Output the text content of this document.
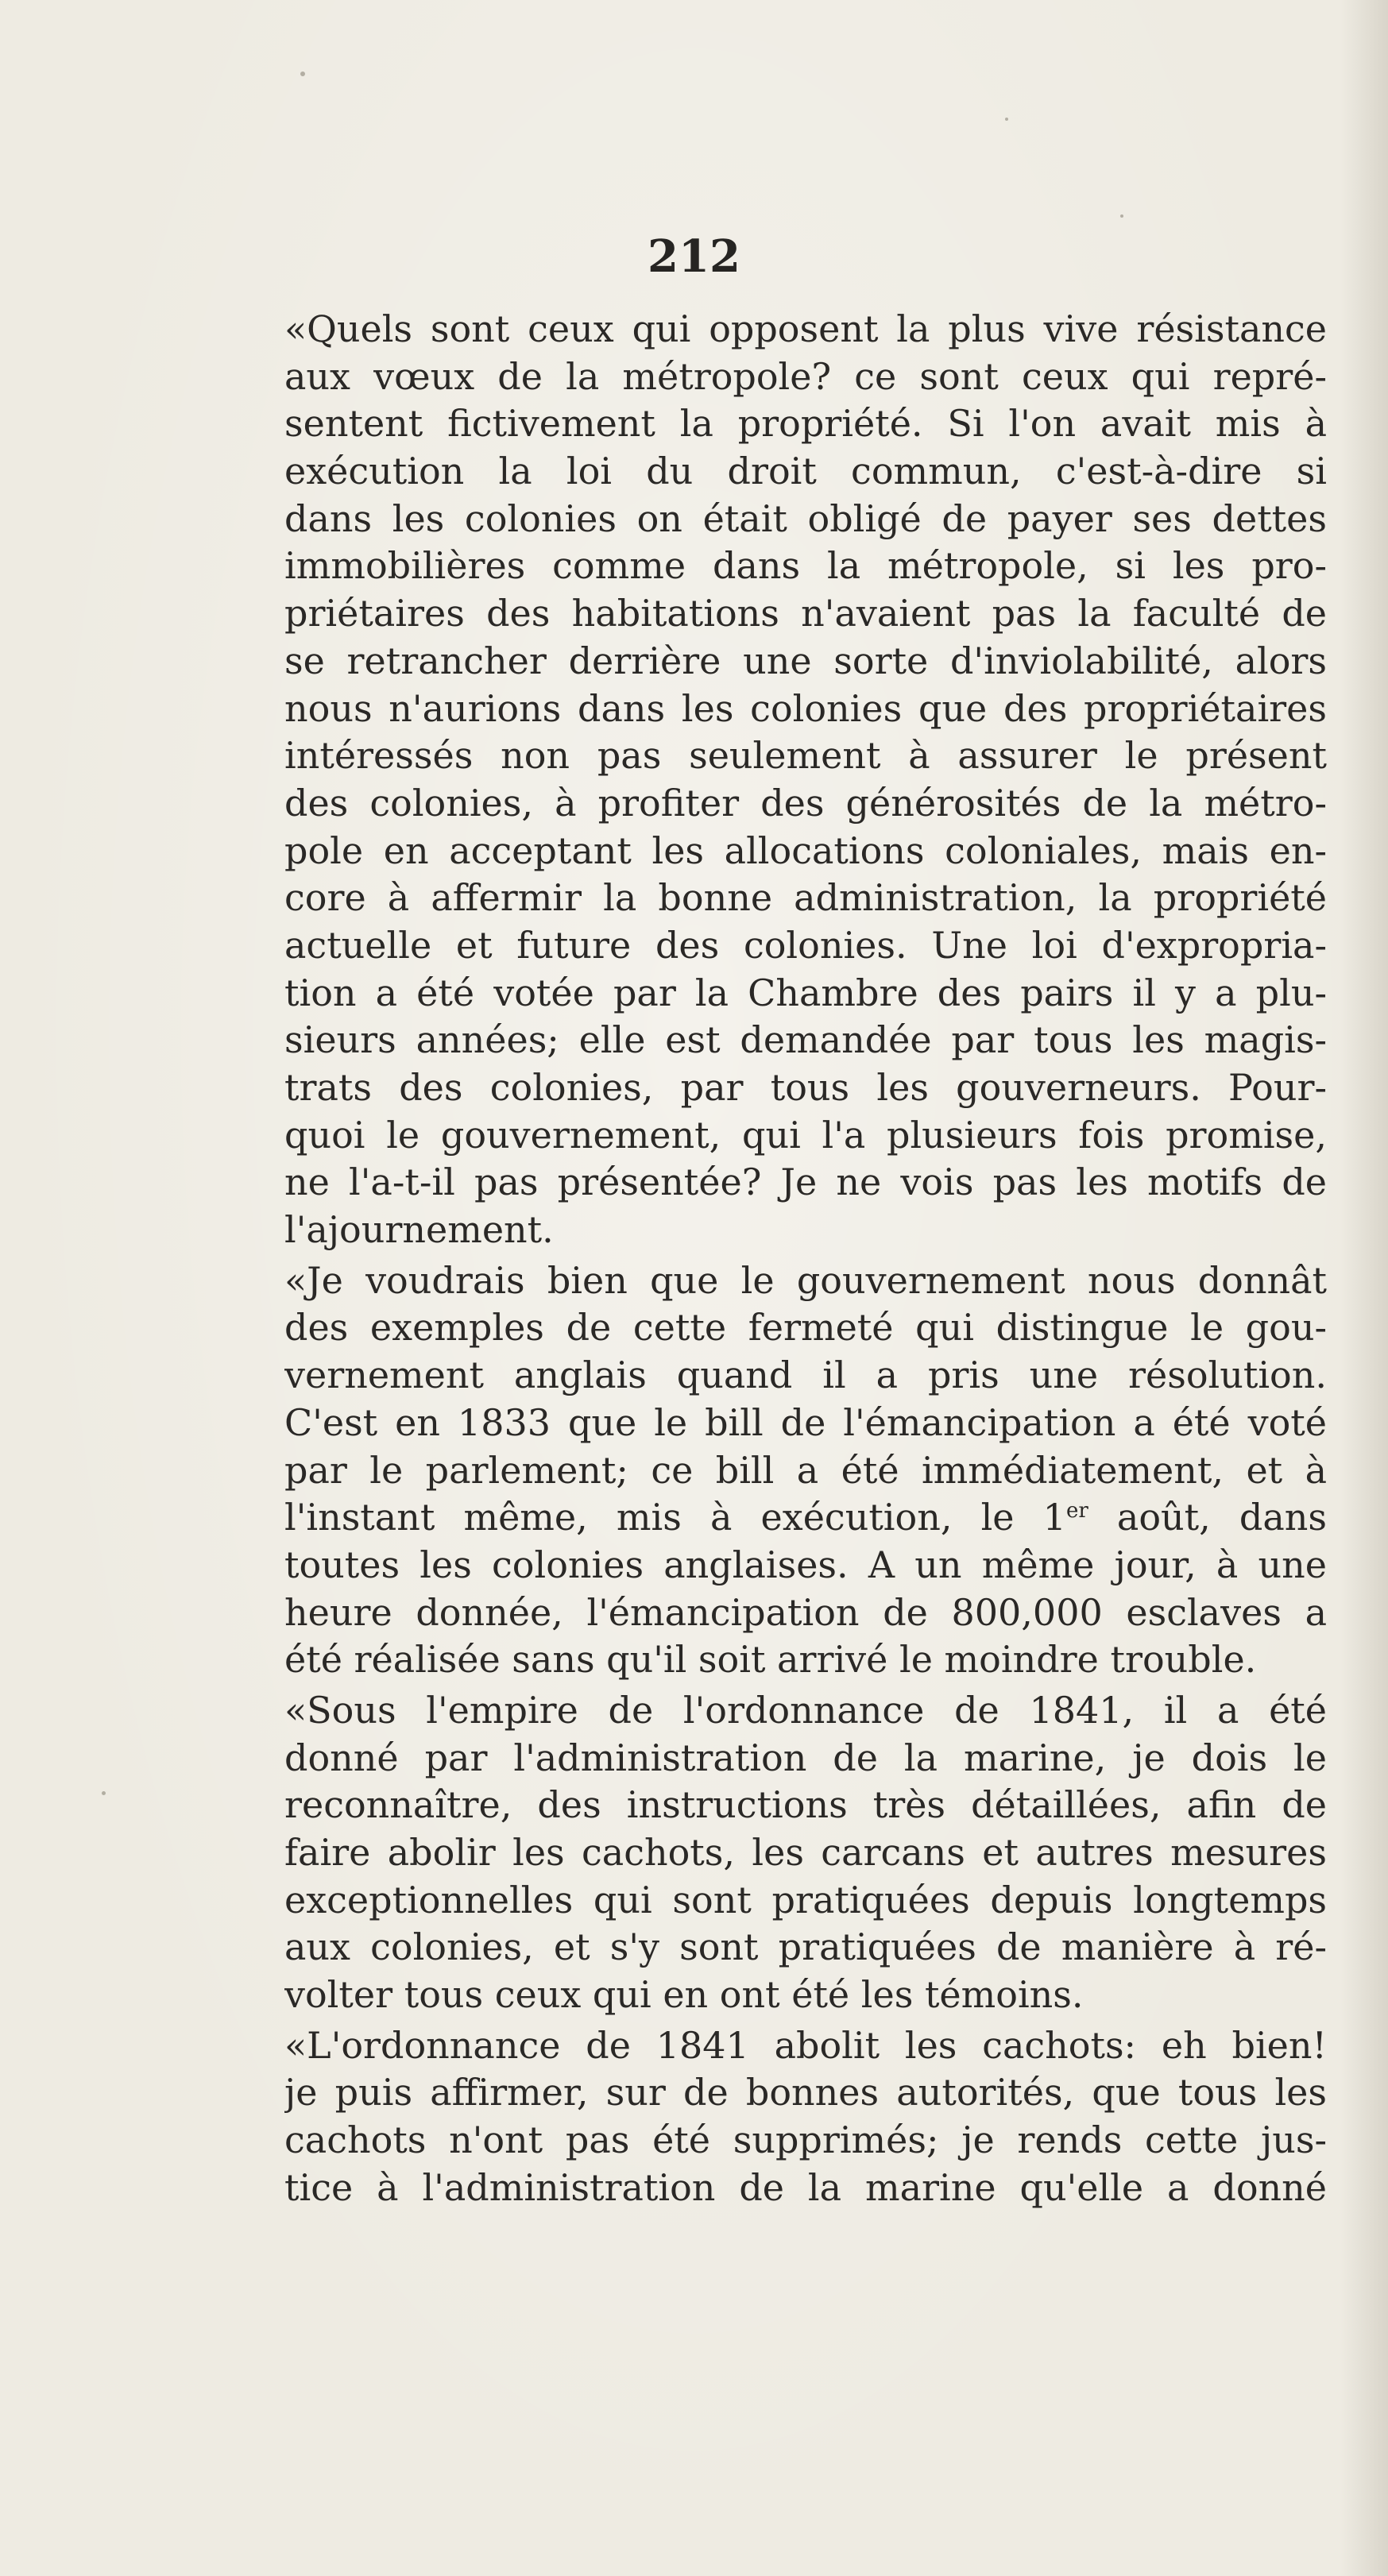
212
«Quels sont ceux qui opposent la plus vive résistance
aux vœux de la métropole? ce sont ceux qui repré-
sentent fictivement la propriété. Si l'on avait mis à
exécution la loi du droit commun, c'est-à-dire si
dans les colonies on était obligé de payer ses dettes
immobilières comme dans la métropole, si les pro-
priétaires des habitations n'avaient pas la faculté de
se retrancher derrière une sorte d'inviolabilité, alors
nous n'aurions dans les colonies que des propriétaires
intéressés non pas seulement à assurer le présent
des colonies, à profiter des générosités de la métro-
pole en acceptant les allocations coloniales, mais en-
core à affermir la bonne administration, la propriété
actuelle et future des colonies. Une loi d'expropria-
tion a été votée par la Chambre des pairs il y a plu-
sieurs années; elle est demandée par tous les magis-
trats des colonies, par tous les gouverneurs. Pour-
quoi le gouvernement, qui l'a plusieurs fois promise,
ne l'a-t-il pas présentée? Je ne vois pas les motifs de
l'ajournement.
«Je voudrais bien que le gouvernement nous donnât
des exemples de cette fermeté qui distingue le gou-
vernement anglais quand il a pris une résolution.
C'est en 1833 que le bill de l'émancipation a été voté
par le parlement; ce bill a été immédiatement, et à
l'instant même, mis à exécution, le 1er août, dans
toutes les colonies anglaises. A un même jour, à une
heure donnée, l'émancipation de 800,000 esclaves a
été réalisée sans qu'il soit arrivé le moindre trouble.
«Sous l'empire de l'ordonnance de 1841, il a été
donné par l'administration de la marine, je dois le
reconnaître, des instructions très détaillées, afin de
faire abolir les cachots, les carcans et autres mesures
exceptionnelles qui sont pratiquées depuis longtemps
aux colonies, et s'y sont pratiquées de manière à ré-
volter tous ceux qui en ont été les témoins.
«L'ordonnance de 1841 abolit les cachots: eh bien!
je puis affirmer, sur de bonnes autorités, que tous les
cachots n'ont pas été supprimés; je rends cette jus-
tice à l'administration de la marine qu'elle a donné
